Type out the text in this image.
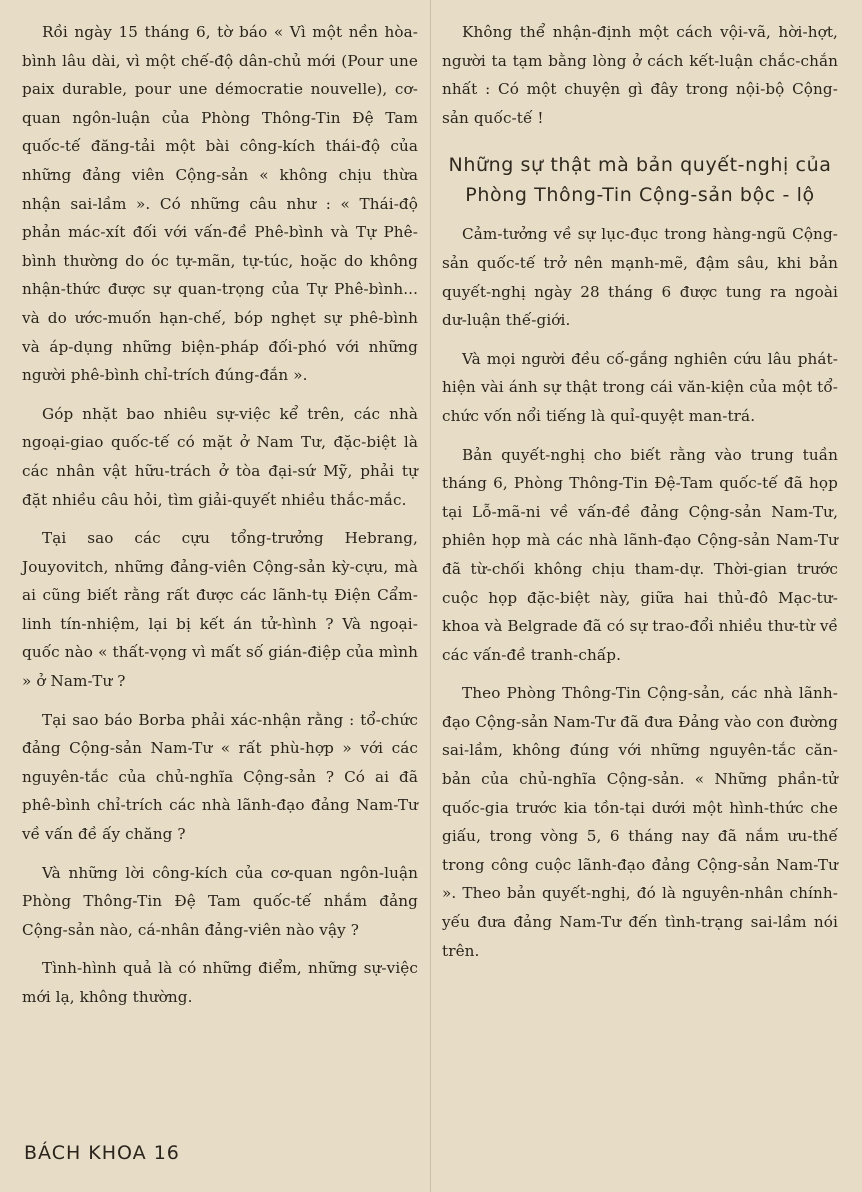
Rồi ngày 15 tháng 6, tờ báo « Vì một nền hòa-bình lâu dài, vì một chế-độ dân-chủ mới (Pour une paix durable, pour une démocratie nouvelle), cơ-quan ngôn-luận của Phòng Thông-Tin Đệ Tam quốc-tế đăng-tải một bài công-kích thái-độ của những đảng viên Cộng-sản « không chịu thừa nhận sai-lầm ». Có những câu như : « Thái-độ phản mác-xít đối với vấn-đề Phê-bình và Tự Phê-bình thường do óc tự-mãn, tự-túc, hoặc do không nhận-thức được sự quan-trọng của Tự Phê-bình... và do ước-muốn hạn-chế, bóp nghẹt sự phê-bình và áp-dụng những biện-pháp đối-phó với những người phê-bình chỉ-trích đúng-đắn ».

Góp nhặt bao nhiêu sự-việc kể trên, các nhà ngoại-giao quốc-tế có mặt ở Nam Tư, đặc-biệt là các nhân vật hữu-trách ở tòa đại-sứ Mỹ, phải tự đặt nhiều câu hỏi, tìm giải-quyết nhiều thắc-mắc.

Tại sao các cựu tổng-trưởng Hebrang, Jouyovitch, những đảng-viên Cộng-sản kỳ-cựu, mà ai cũng biết rằng rất được các lãnh-tụ Điện Cẩm-linh tín-nhiệm, lại bị kết án tử-hình ? Và ngoại-quốc nào « thất-vọng vì mất số gián-điệp của mình » ở Nam-Tư ?

Tại sao báo Borba phải xác-nhận rằng : tổ-chức đảng Cộng-sản Nam-Tư « rất phù-hợp » với các nguyên-tắc của chủ-nghĩa Cộng-sản ? Có ai đã phê-bình chỉ-trích các nhà lãnh-đạo đảng Nam-Tư về vấn đề ấy chăng ?

Và những lời công-kích của cơ-quan ngôn-luận Phòng Thông-Tin Đệ Tam quốc-tế nhắm đảng Cộng-sản nào, cá-nhân đảng-viên nào vậy ?

Tình-hình quả là có những điểm, những sự-việc mới lạ, không thường.

Không thể nhận-định một cách vội-vã, hời-hợt, người ta tạm bằng lòng ở cách kết-luận chắc-chắn nhất : Có một chuyện gì đây trong nội-bộ Cộng-sản quốc-tế !

Những sự thật mà bản quyết-nghị của Phòng Thông-Tin Cộng-sản bộc - lộ

Cảm-tưởng về sự lục-đục trong hàng-ngũ Cộng-sản quốc-tế trở nên mạnh-mẽ, đậm sâu, khi bản quyết-nghị ngày 28 tháng 6 được tung ra ngoài dư-luận thế-giới.

Và mọi người đều cố-gắng nghiên cứu lâu phát-hiện vài ánh sự thật trong cái văn-kiện của một tổ-chức vốn nổi tiếng là quỉ-quyệt man-trá.

Bản quyết-nghị cho biết rằng vào trung tuần tháng 6, Phòng Thông-Tin Đệ-Tam quốc-tế đã họp tại Lỗ-mã-ni về vấn-đề đảng Cộng-sản Nam-Tư, phiên họp mà các nhà lãnh-đạo Cộng-sản Nam-Tư đã từ-chối không chịu tham-dự. Thời-gian trước cuộc họp đặc-biệt này, giữa hai thủ-đô Mạc-tư-khoa và Belgrade đã có sự trao-đổi nhiều thư-từ về các vấn-đề tranh-chấp.

Theo Phòng Thông-Tin Cộng-sản, các nhà lãnh-đạo Cộng-sản Nam-Tư đã đưa Đảng vào con đường sai-lầm, không đúng với những nguyên-tắc căn-bản của chủ-nghĩa Cộng-sản. « Những phần-tử quốc-gia trước kia tồn-tại dưới một hình-thức che giấu, trong vòng 5, 6 tháng nay đã nắm ưu-thế trong công cuộc lãnh-đạo đảng Cộng-sản Nam-Tư ». Theo bản quyết-nghị, đó là nguyên-nhân chính-yếu đưa đảng Nam-Tư đến tình-trạng sai-lầm nói trên.

BÁCH KHOA 16
